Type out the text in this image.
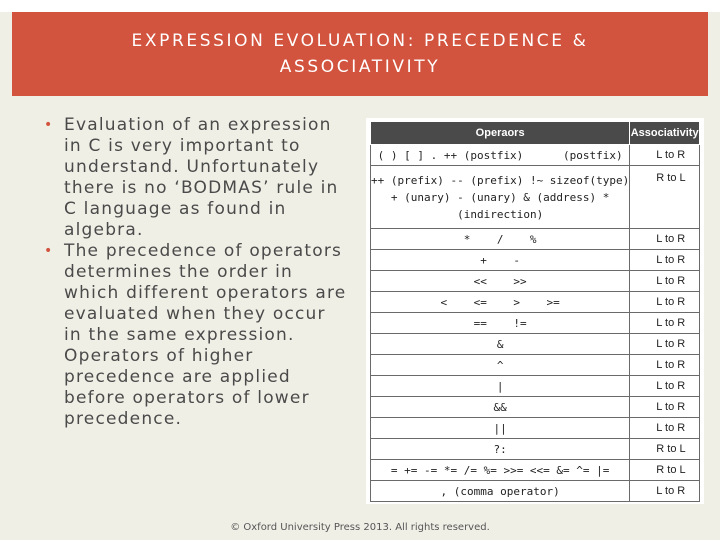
EXPRESSION EVOLUATION: PRECEDENCE &
ASSOCIATIVITY
• Evaluation of an expression in C is very important to understand. Unfortunately there is no ‘BODMAS’ rule in C language as found in algebra.
• The precedence of operators determines the order in which different operators are evaluated when they occur in the same expression. Operators of higher precedence are applied before operators of lower precedence.
Operaors	Associativity
( ) [ ] . ++ (postfix)      (postfix)	L to R
++ (prefix) -- (prefix) !~ sizeof(type)
+ (unary) - (unary) & (address) *
(indirection)	R to L
*    /    %	L to R
+    -	L to R
<<    >>	L to R
<    <=    >    >=	L to R
==    !=	L to R
&	L to R
^	L to R
|	L to R
&&	L to R
||	L to R
?:	R to L
= += -= *= /= %= >>= <<= &= ^= |=	R to L
, (comma operator)	L to R
© Oxford University Press 2013. All rights reserved.
